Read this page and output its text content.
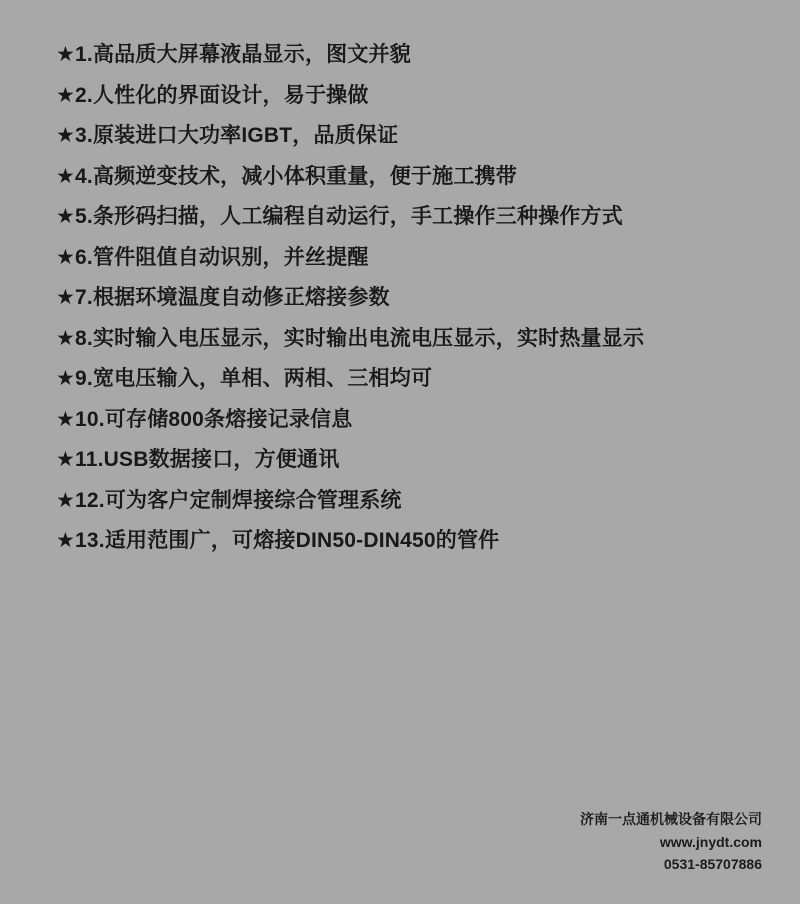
★1.高品质大屏幕液晶显示，图文并貌
★2.人性化的界面设计，易于操做
★3.原装进口大功率IGBT，品质保证
★4.高频逆变技术，减小体积重量，便于施工携带
★5.条形码扫描，人工编程自动运行，手工操作三种操作方式
★6.管件阻值自动识别，并丝提醒
★7.根据环境温度自动修正熔接参数
★8.实时输入电压显示，实时输出电流电压显示，实时热量显示
★9.宽电压输入，单相、两相、三相均可
★10.可存储800条熔接记录信息
★11.USB数据接口，方便通讯
★12.可为客户定制焊接综合管理系统
★13.适用范围广，可熔接DIN50-DIN450的管件
济南一点通机械设备有限公司
www.jnydt.com
0531-85707886
